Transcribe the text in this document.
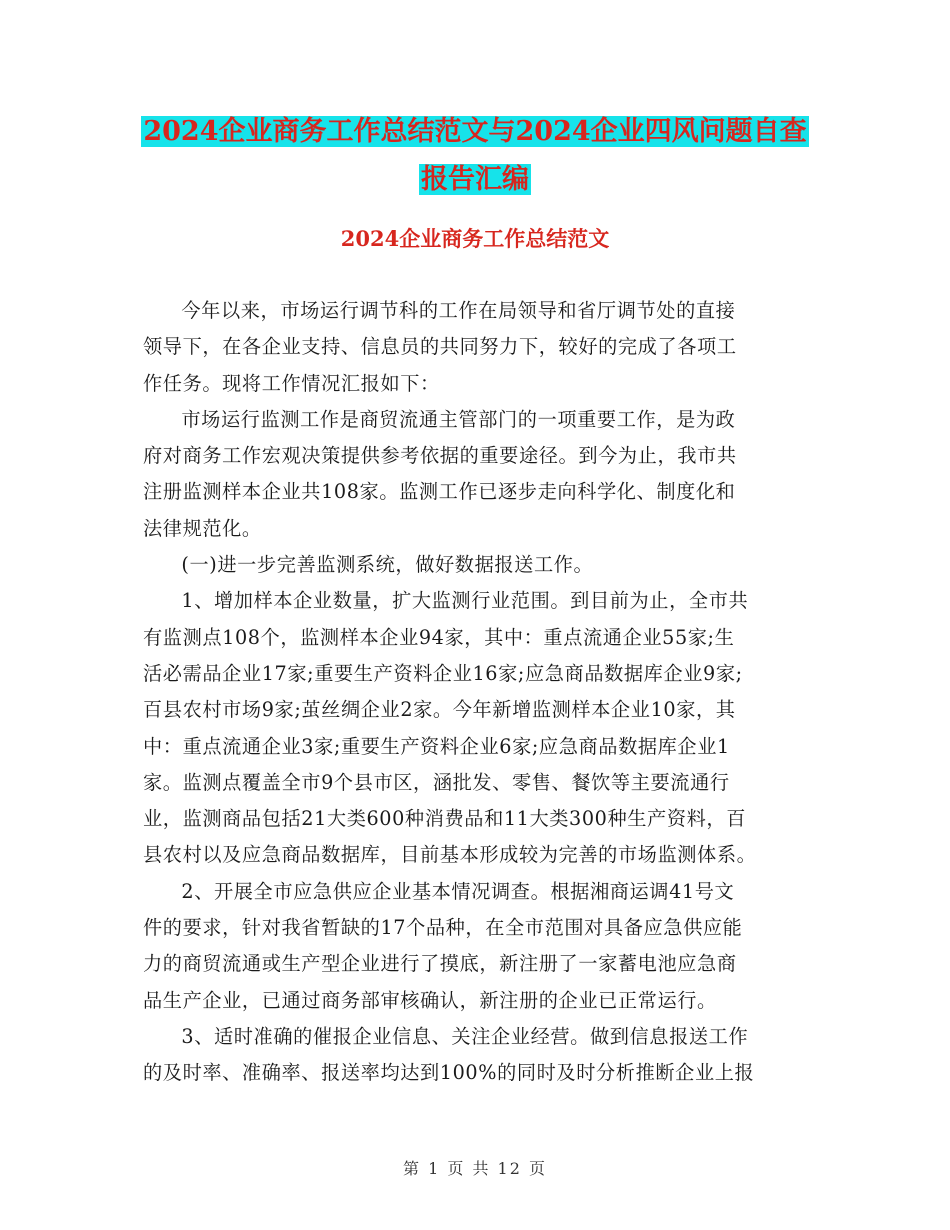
2024企业商务工作总结范文与2024企业四风问题自查
报告汇编
2024企业商务工作总结范文
今年以来，市场运行调节科的工作在局领导和省厅调节处的直接
领导下，在各企业支持、信息员的共同努力下，较好的完成了各项工
作任务。现将工作情况汇报如下：
市场运行监测工作是商贸流通主管部门的一项重要工作，是为政
府对商务工作宏观决策提供参考依据的重要途径。到今为止，我市共
注册监测样本企业共108家。监测工作已逐步走向科学化、制度化和
法律规范化。
(一)进一步完善监测系统，做好数据报送工作。
1、增加样本企业数量，扩大监测行业范围。到目前为止，全市共
有监测点108个，监测样本企业94家，其中：重点流通企业55家;生
活必需品企业17家;重要生产资料企业16家;应急商品数据库企业9家;
百县农村市场9家;茧丝绸企业2家。今年新增监测样本企业10家，其
中：重点流通企业3家;重要生产资料企业6家;应急商品数据库企业1
家。监测点覆盖全市9个县市区，涵批发、零售、餐饮等主要流通行
业，监测商品包括21大类600种消费品和11大类300种生产资料，百
县农村以及应急商品数据库，目前基本形成较为完善的市场监测体系。
2、开展全市应急供应企业基本情况调查。根据湘商运调41号文
件的要求，针对我省暂缺的17个品种，在全市范围对具备应急供应能
力的商贸流通或生产型企业进行了摸底，新注册了一家蓄电池应急商
品生产企业，已通过商务部审核确认，新注册的企业已正常运行。
3、适时准确的催报企业信息、关注企业经营。做到信息报送工作
的及时率、准确率、报送率均达到100%的同时及时分析推断企业上报
第 1 页 共 12 页
